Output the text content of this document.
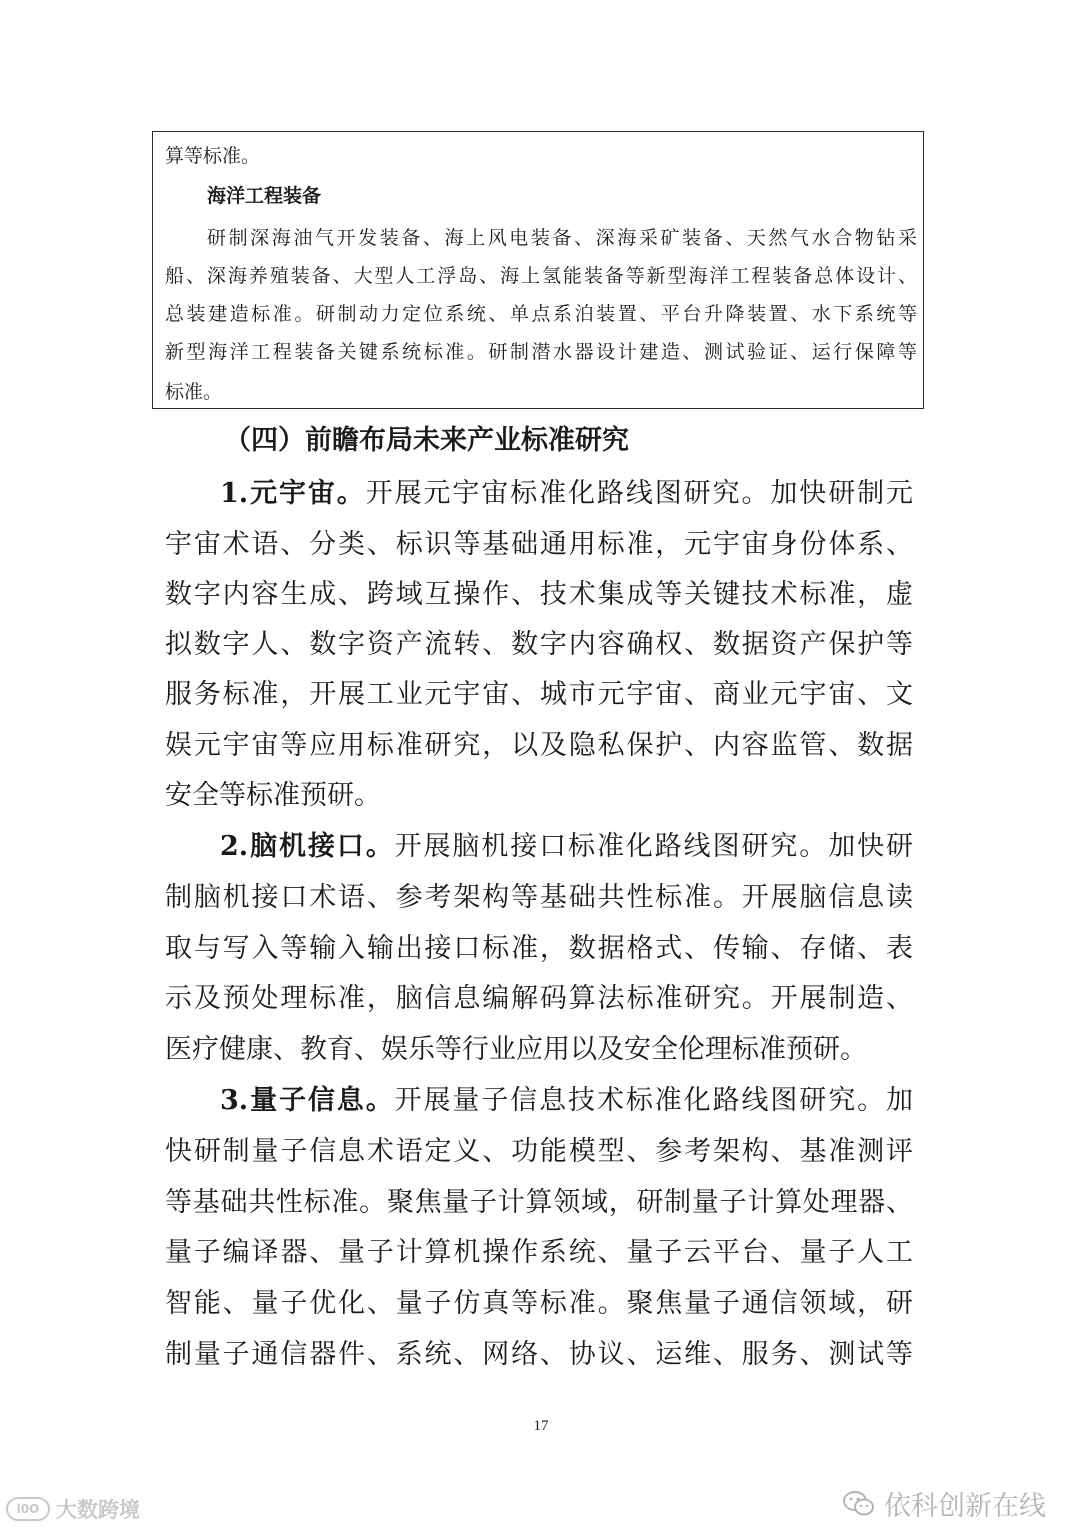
算等标准。

海洋工程装备

研制深海油气开发装备、海上风电装备、深海采矿装备、天然气水合物钻采

船、深海养殖装备、大型人工浮岛、海上氢能装备等新型海洋工程装备总体设计、

总装建造标准。研制动力定位系统、单点系泊装置、平台升降装置、水下系统等

新型海洋工程装备关键系统标准。研制潜水器设计建造、测试验证、运行保障等

标准。

（四）前瞻布局未来产业标准研究

1.元宇宙。开展元宇宙标准化路线图研究。加快研制元

宇宙术语、分类、标识等基础通用标准，元宇宙身份体系、

数字内容生成、跨域互操作、技术集成等关键技术标准，虚

拟数字人、数字资产流转、数字内容确权、数据资产保护等

服务标准，开展工业元宇宙、城市元宇宙、商业元宇宙、文

娱元宇宙等应用标准研究，以及隐私保护、内容监管、数据

安全等标准预研。

2.脑机接口。开展脑机接口标准化路线图研究。加快研

制脑机接口术语、参考架构等基础共性标准。开展脑信息读

取与写入等输入输出接口标准，数据格式、传输、存储、表

示及预处理标准，脑信息编解码算法标准研究。开展制造、

医疗健康、教育、娱乐等行业应用以及安全伦理标准预研。

3.量子信息。开展量子信息技术标准化路线图研究。加

快研制量子信息术语定义、功能模型、参考架构、基准测评

等基础共性标准。聚焦量子计算领域，研制量子计算处理器、

量子编译器、量子计算机操作系统、量子云平台、量子人工

智能、量子优化、量子仿真等标准。聚焦量子通信领域，研

制量子通信器件、系统、网络、协议、运维、服务、测试等

17

l0O 大数跨境	依科创新在线
